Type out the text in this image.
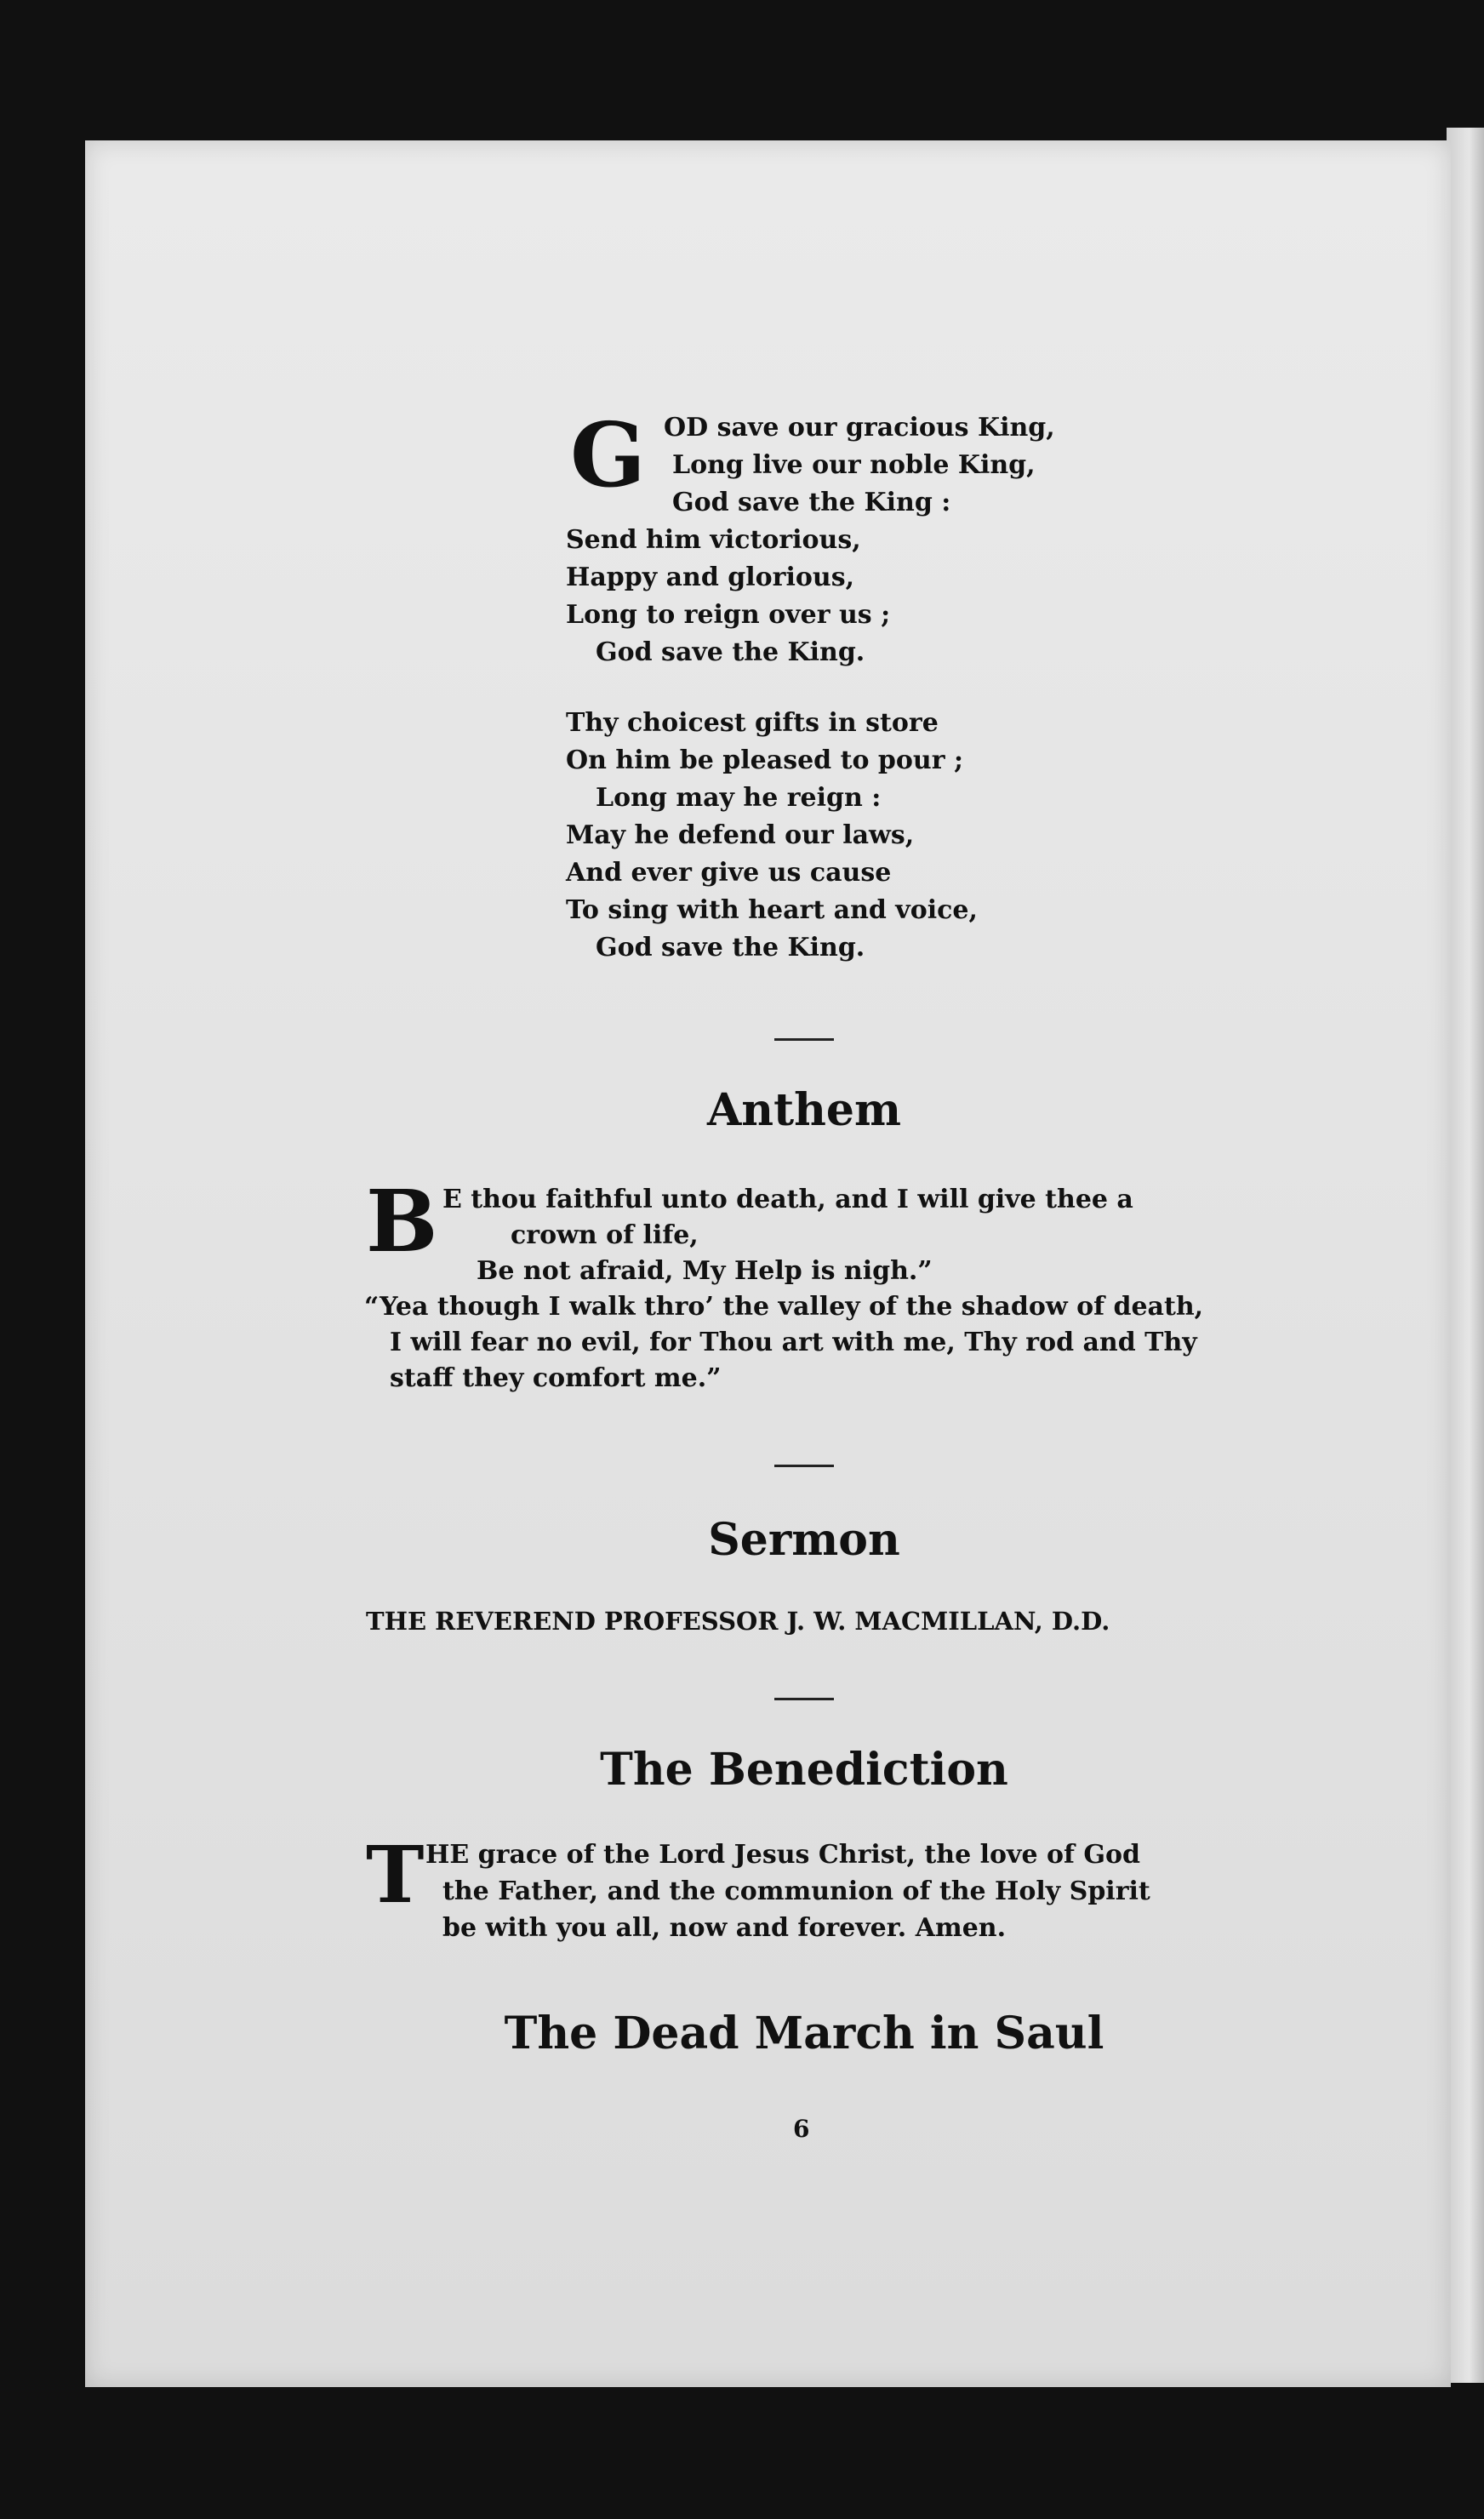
G OD save our gracious King,
Long live our noble King,
God save the King :
Send him victorious,
Happy and glorious,
Long to reign over us ;
God save the King.
Thy choicest gifts in store
On him be pleased to pour ;
Long may he reign :
May he defend our laws,
And ever give us cause
To sing with heart and voice,
God save the King.
Anthem
B E thou faithful unto death, and I will give thee a
crown of life,
Be not afraid, My Help is nigh.”
“Yea though I walk thro’ the valley of the shadow of death,
I will fear no evil, for Thou art with me, Thy rod and Thy
staff they comfort me.”
Sermon
THE REVEREND PROFESSOR J. W. MACMILLAN, D.D.
The Benediction
T HE grace of the Lord Jesus Christ, the love of God
the Father, and the communion of the Holy Spirit
be with you all, now and forever. Amen.
The Dead March in Saul
6
